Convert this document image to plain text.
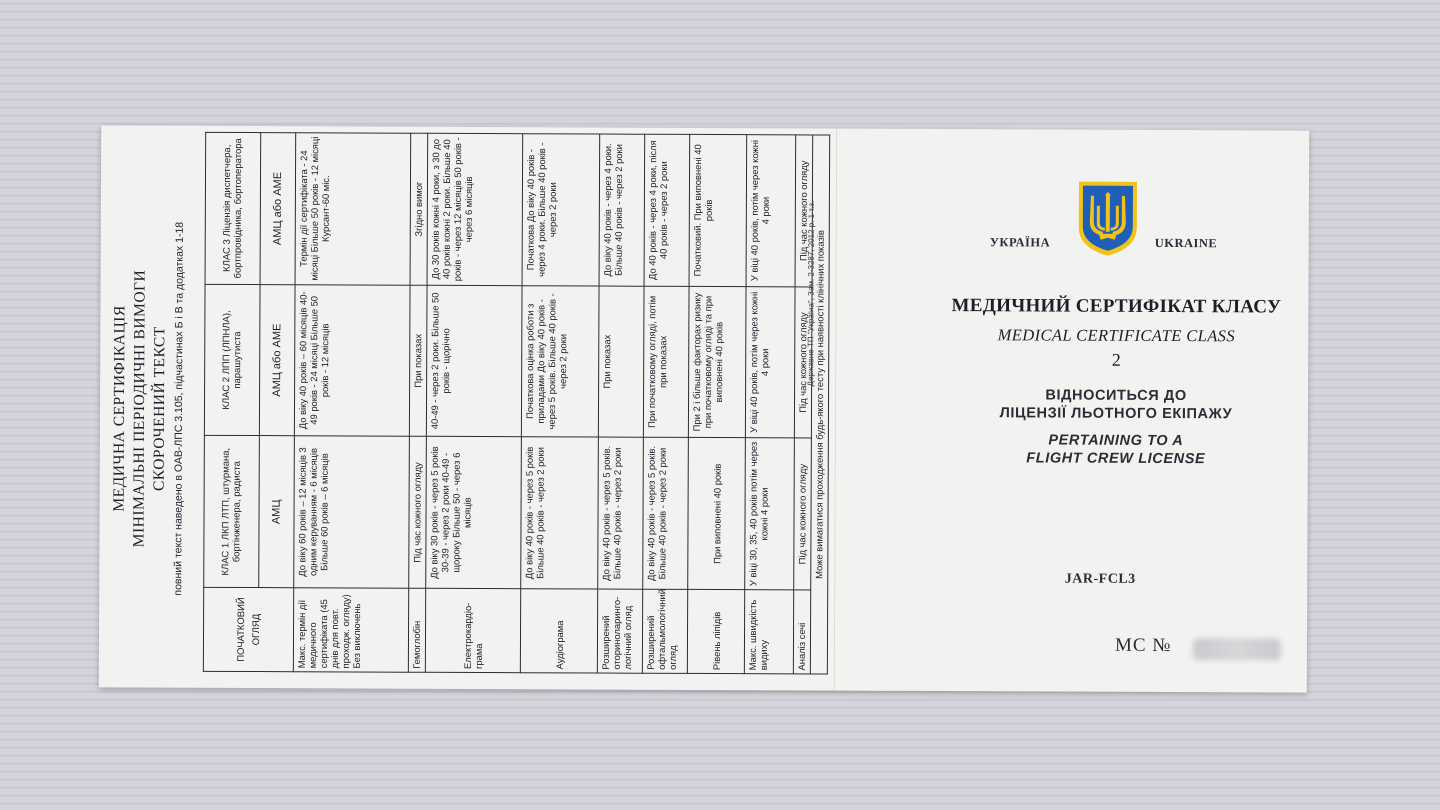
МЕДИЧНА СЕРТИФІКАЦІЯ МІНІМАЛЬНІ ПЕРІОДИЧНІ ВИМОГИ СКОРОЧЕНИЙ ТЕКСТ повний текст наведено в ОАВ-ЛПС 3.105, підчастинах Б і В та додатках 1-18
ПОЧАТКОВИЙ ОГЛЯД	КЛАС 1 ЛКП ЛТП, штурмана, бортінженера, радиста	КЛАС 2 ЛПП (ЛПНЛА), парашутиста	КЛАС 3 Ліцензія диспетчера, бортпровідника, бортоператора
	АМЦ	АМЦ або АМЕ	АМЦ або АМЕ
Макс. термін дії медичного сертифіката (45 днів для повт. проходж. огляду) Без виключень	До віку 60 років – 12 місяців 3 одним керуванням - 6 місяців Більше 60 років – 6 місяців	До віку 40 років – 60 місяців 40-49 років - 24 місяці Більше 50 років - 12 місяців	Термін дії сертифіката - 24 місяці Більше 50 років - 12 місяці Курсант-60 міс.
Гемоглобін	Під час кожного огляду	При показах	Згідно вимог
Електрокардіо-грама	До віку 30 років - через 5 років 30-39 - через 2 роки 40-49 - щороку Більше 50 - через 6 місяців	40-49 - через 2 роки. Більше 50 років - щорічно	До 30 років кожні 4 роки, з 30 до 40 років кожні 2 роки. Більше 40 років - через 12 місяців 50 років - через 6 місяців
Аудіограма	До віку 40 років - через 5 років Більше 40 років - через 2 роки	Початкова оцінка роботи з приладами До віку 40 років - через 5 років. Більше 40 років - через 2 роки	Початкова До віку 40 років - через 4 роки. Більше 40 років - через 2 роки
Розширений оториноларинго-логічний огляд	До віку 40 років - через 5 років. Більше 40 років - через 2 роки	При показах	До віку 40 років - через 4 роки. Більше 40 років - через 2 роки
Розширений офтальмологічний огляд	До віку 40 років - через 5 років. Більше 40 років - через 2 роки	При початковому огляді, потім при показах	До 40 років - через 4 роки, після 40 років - через 2 роки
Рівень ліпідів	При виповнені 40 років	При 2 і більше факторах ризику при початковому огляді та при виповнені 40 років	Початковий. При виповнені 40 років
Макс. швидкість видиху	У віці 30, 35, 40 років потім через кожні 4 роки	У віці 40 років, потім через кожні 4 роки	У віці 40 років, потім через кожні 4 роки
Аналіз сечі	Під час кожного огляду	Під час кожного огляду	Під час кожного огляду
Може вимагатися проходження будь-якого тесту при наявності клінічних показів			
Державне ТП "Україна", Зам. 2-3287, 2012 р. 1 т.з.	УКРАЇНА	UKRAINE
МЕДИЧНИЙ СЕРТИФІКАТ КЛАСУ
MEDICAL CERTIFICATE CLASS
2
ВІДНОСИТЬСЯ ДО
ЛІЦЕНЗІЇ ЛЬОТНОГО ЕКІПАЖУ
PERTAINING TO A
FLIGHT CREW LICENSE
JAR-FCL3
MC №
